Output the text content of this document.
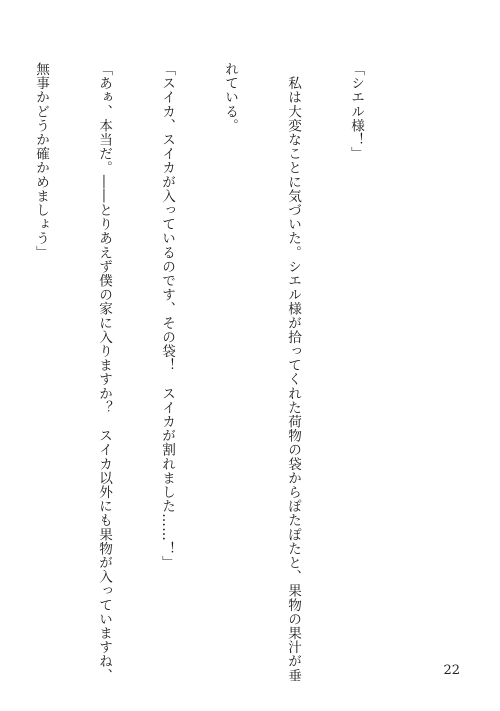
「シエル様！」

　私は大変なことに気づいた。シエル様が拾ってくれた荷物の袋からぽたぽたと、果物の果汁が垂

れている。

「スイカ、スイカが入っているのです、その袋！　スイカが割れました……！」

「あぁ、本当だ。――とりあえず僕の家に入りますか？　スイカ以外にも果物が入っていますね、

無事かどうか確かめましょう」

22
